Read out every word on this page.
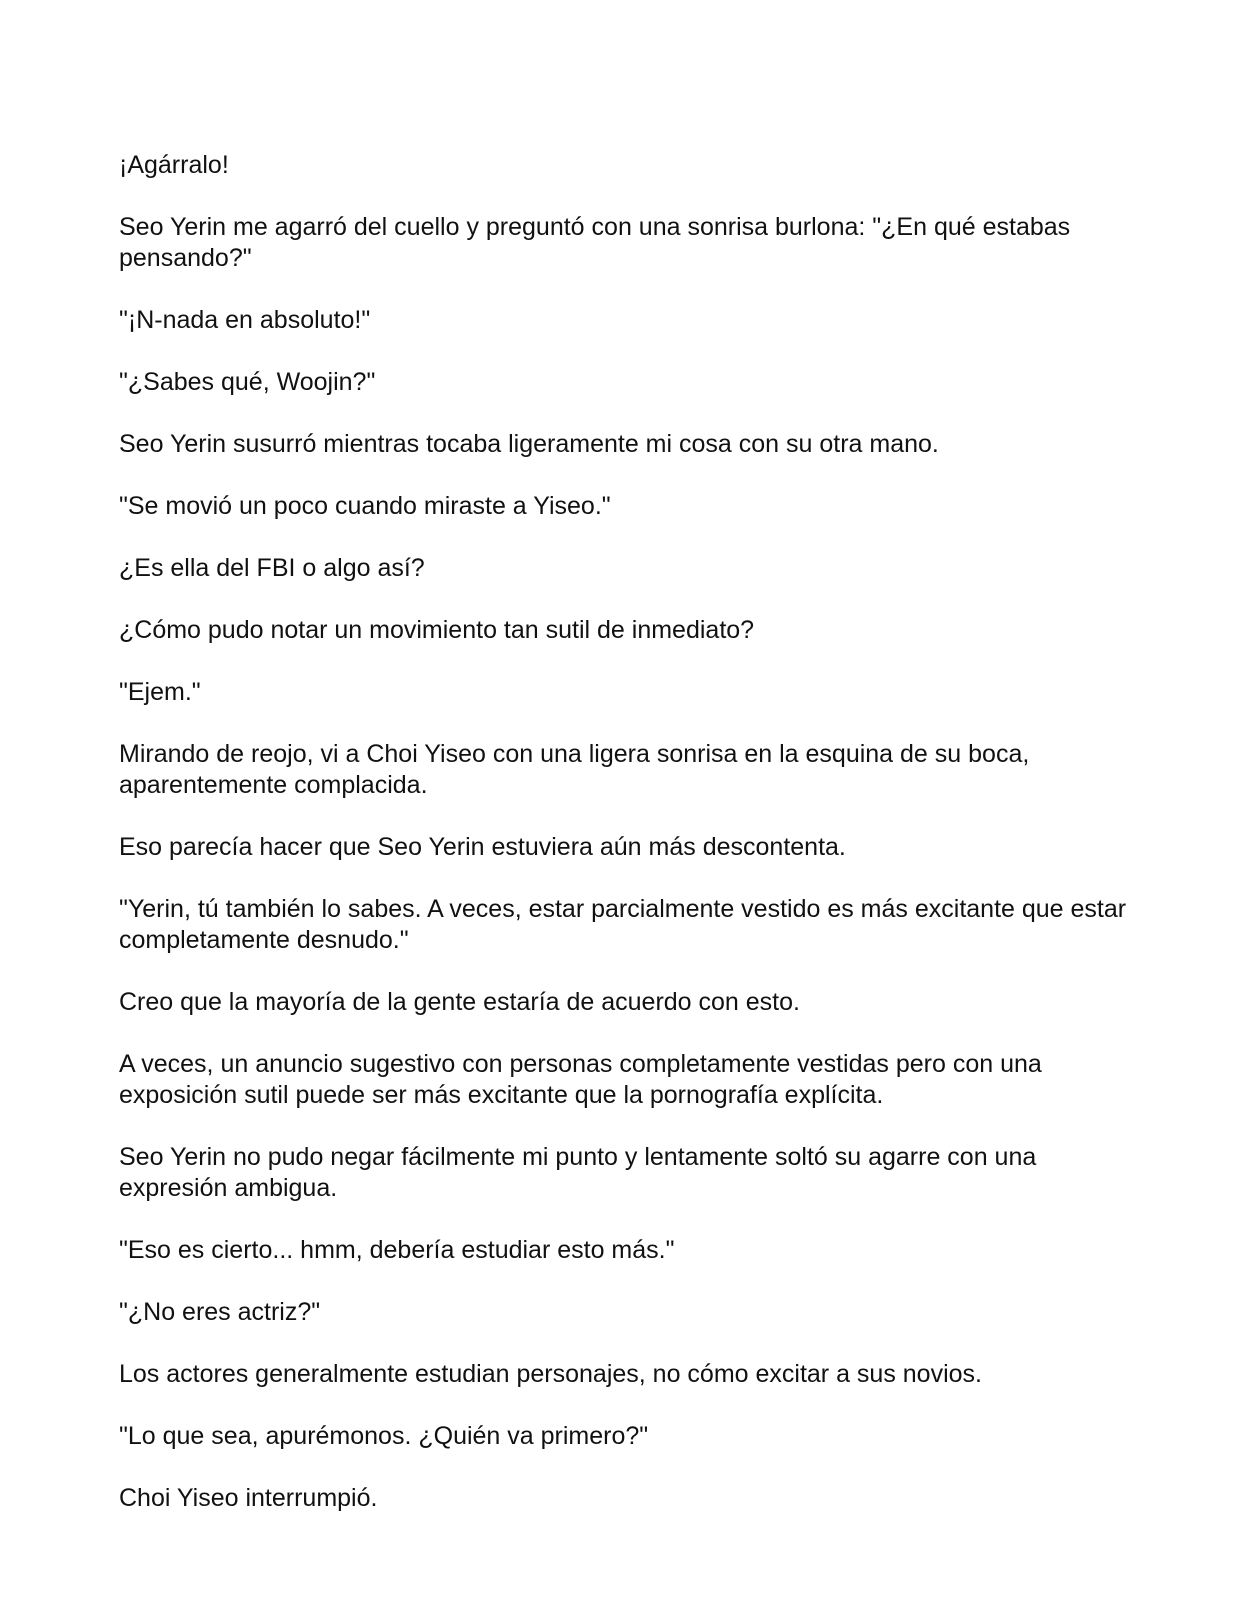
¡Agárralo!

Seo Yerin me agarró del cuello y preguntó con una sonrisa burlona: "¿En qué estabas pensando?"

"¡N-nada en absoluto!"

"¿Sabes qué, Woojin?"

Seo Yerin susurró mientras tocaba ligeramente mi cosa con su otra mano.

"Se movió un poco cuando miraste a Yiseo."

¿Es ella del FBI o algo así?

¿Cómo pudo notar un movimiento tan sutil de inmediato?

"Ejem."

Mirando de reojo, vi a Choi Yiseo con una ligera sonrisa en la esquina de su boca, aparentemente complacida.

Eso parecía hacer que Seo Yerin estuviera aún más descontenta.

"Yerin, tú también lo sabes. A veces, estar parcialmente vestido es más excitante que estar completamente desnudo."

Creo que la mayoría de la gente estaría de acuerdo con esto.

A veces, un anuncio sugestivo con personas completamente vestidas pero con una exposición sutil puede ser más excitante que la pornografía explícita.

Seo Yerin no pudo negar fácilmente mi punto y lentamente soltó su agarre con una expresión ambigua.

"Eso es cierto... hmm, debería estudiar esto más."

"¿No eres actriz?"

Los actores generalmente estudian personajes, no cómo excitar a sus novios.

"Lo que sea, apurémonos. ¿Quién va primero?"

Choi Yiseo interrumpió.
